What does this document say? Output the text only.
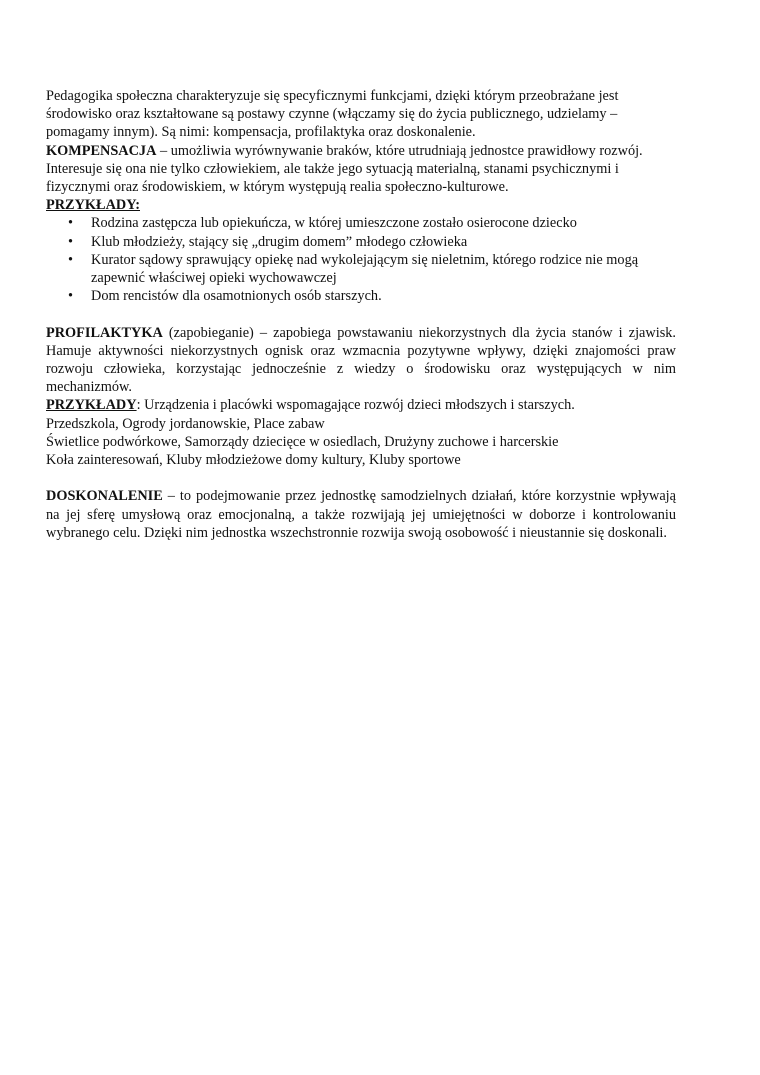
Pedagogika społeczna charakteryzuje się specyficznymi funkcjami, dzięki którym przeobrażane jest środowisko oraz kształtowane są postawy czynne (włączamy się do życia publicznego, udzielamy – pomagamy innym). Są nimi: kompensacja, profilaktyka oraz doskonalenie.

KOMPENSACJA – umożliwia wyrównywanie braków, które utrudniają jednostce prawidłowy rozwój. Interesuje się ona nie tylko człowiekiem, ale także jego sytuacją materialną, stanami psychicznymi i fizycznymi oraz środowiskiem, w którym występują realia społeczno-kulturowe.

PRZYKŁADY:

• Rodzina zastępcza lub opiekuńcza, w której umieszczone zostało osierocone dziecko
• Klub młodzieży, stający się „drugim domem” młodego człowieka
• Kurator sądowy sprawujący opiekę nad wykolejającym się nieletnim, którego rodzice nie mogą zapewnić właściwej opieki wychowawczej
• Dom rencistów dla osamotnionych osób starszych.

PROFILAKTYKA (zapobieganie) – zapobiega powstawaniu niekorzystnych dla życia stanów i zjawisk. Hamuje aktywności niekorzystnych ognisk oraz wzmacnia pozytywne wpływy, dzięki znajomości praw rozwoju człowieka, korzystając jednocześnie z wiedzy o środowisku oraz występujących w nim mechanizmów.

PRZYKŁADY: Urządzenia i placówki wspomagające rozwój dzieci młodszych i starszych.

Przedszkola, Ogrody jordanowskie, Place zabaw

Świetlice podwórkowe, Samorządy dziecięce w osiedlach, Drużyny zuchowe i harcerskie

Koła zainteresowań, Kluby młodzieżowe domy kultury, Kluby sportowe

DOSKONALENIE – to podejmowanie przez jednostkę samodzielnych działań, które korzystnie wpływają na jej sferę umysłową oraz emocjonalną, a także rozwijają jej umiejętności w doborze i kontrolowaniu wybranego celu. Dzięki nim jednostka wszechstronnie rozwija swoją osobowość i nieustannie się doskonali.
